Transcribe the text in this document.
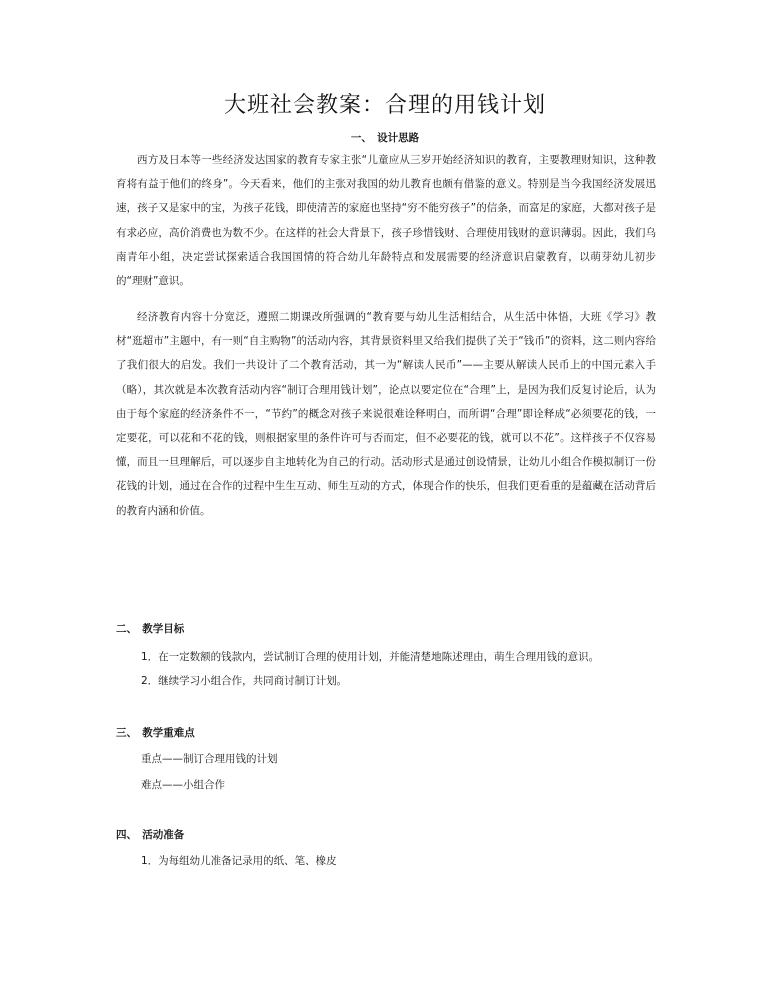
大班社会教案：合理的用钱计划
一、　设计思路
西方及日本等一些经济发达国家的教育专家主张“儿童应从三岁开始经济知识的教育，主要教理财知识，这种教育将有益于他们的终身”。今天看来，他们的主张对我国的幼儿教育也颇有借鉴的意义。特别是当今我国经济发展迅速，孩子又是家中的宝，为孩子花钱，即使清苦的家庭也坚持“穷不能穷孩子”的信条，而富足的家庭，大都对孩子是有求必应，高价消费也为数不少。在这样的社会大背景下，孩子珍惜钱财、合理使用钱财的意识薄弱。因此，我们乌南青年小组，决定尝试探索适合我国国情的符合幼儿年龄特点和发展需要的经济意识启蒙教育，以萌芽幼儿初步的“理财”意识。
经济教育内容十分宽泛，遵照二期课改所强调的“教育要与幼儿生活相结合，从生活中体悟，大班《学习》教材“逛超市”主题中，有一则“自主购物”的活动内容，其背景资料里又给我们提供了关于“钱币”的资料，这二则内容给了我们很大的启发。我们一共设计了二个教育活动，其一为“解读人民币”——主要从解读人民币上的中国元素入手（略），其次就是本次教育活动内容“制订合理用钱计划”，论点以要定位在“合理”上，是因为我们反复讨论后，认为由于每个家庭的经济条件不一，“节约”的概念对孩子来说很难诠释明白，而所谓“合理”即诠释成“必须要花的钱，一定要花，可以花和不花的钱，则根据家里的条件许可与否而定，但不必要花的钱，就可以不花”。这样孩子不仅容易懂，而且一旦理解后，可以逐步自主地转化为自己的行动。活动形式是通过创设情景，让幼儿小组合作模拟制订一份花钱的计划，通过在合作的过程中生生互动、师生互动的方式，体现合作的快乐，但我们更看重的是蕴藏在活动背后的教育内涵和价值。
二、　教学目标
1．在一定数额的钱款内，尝试制订合理的使用计划，并能清楚地陈述理由，萌生合理用钱的意识。
2．继续学习小组合作，共同商讨制订计划。
三、　教学重难点
重点——制订合理用钱的计划
难点——小组合作
四、　活动准备
1．为每组幼儿准备记录用的纸、笔、橡皮
